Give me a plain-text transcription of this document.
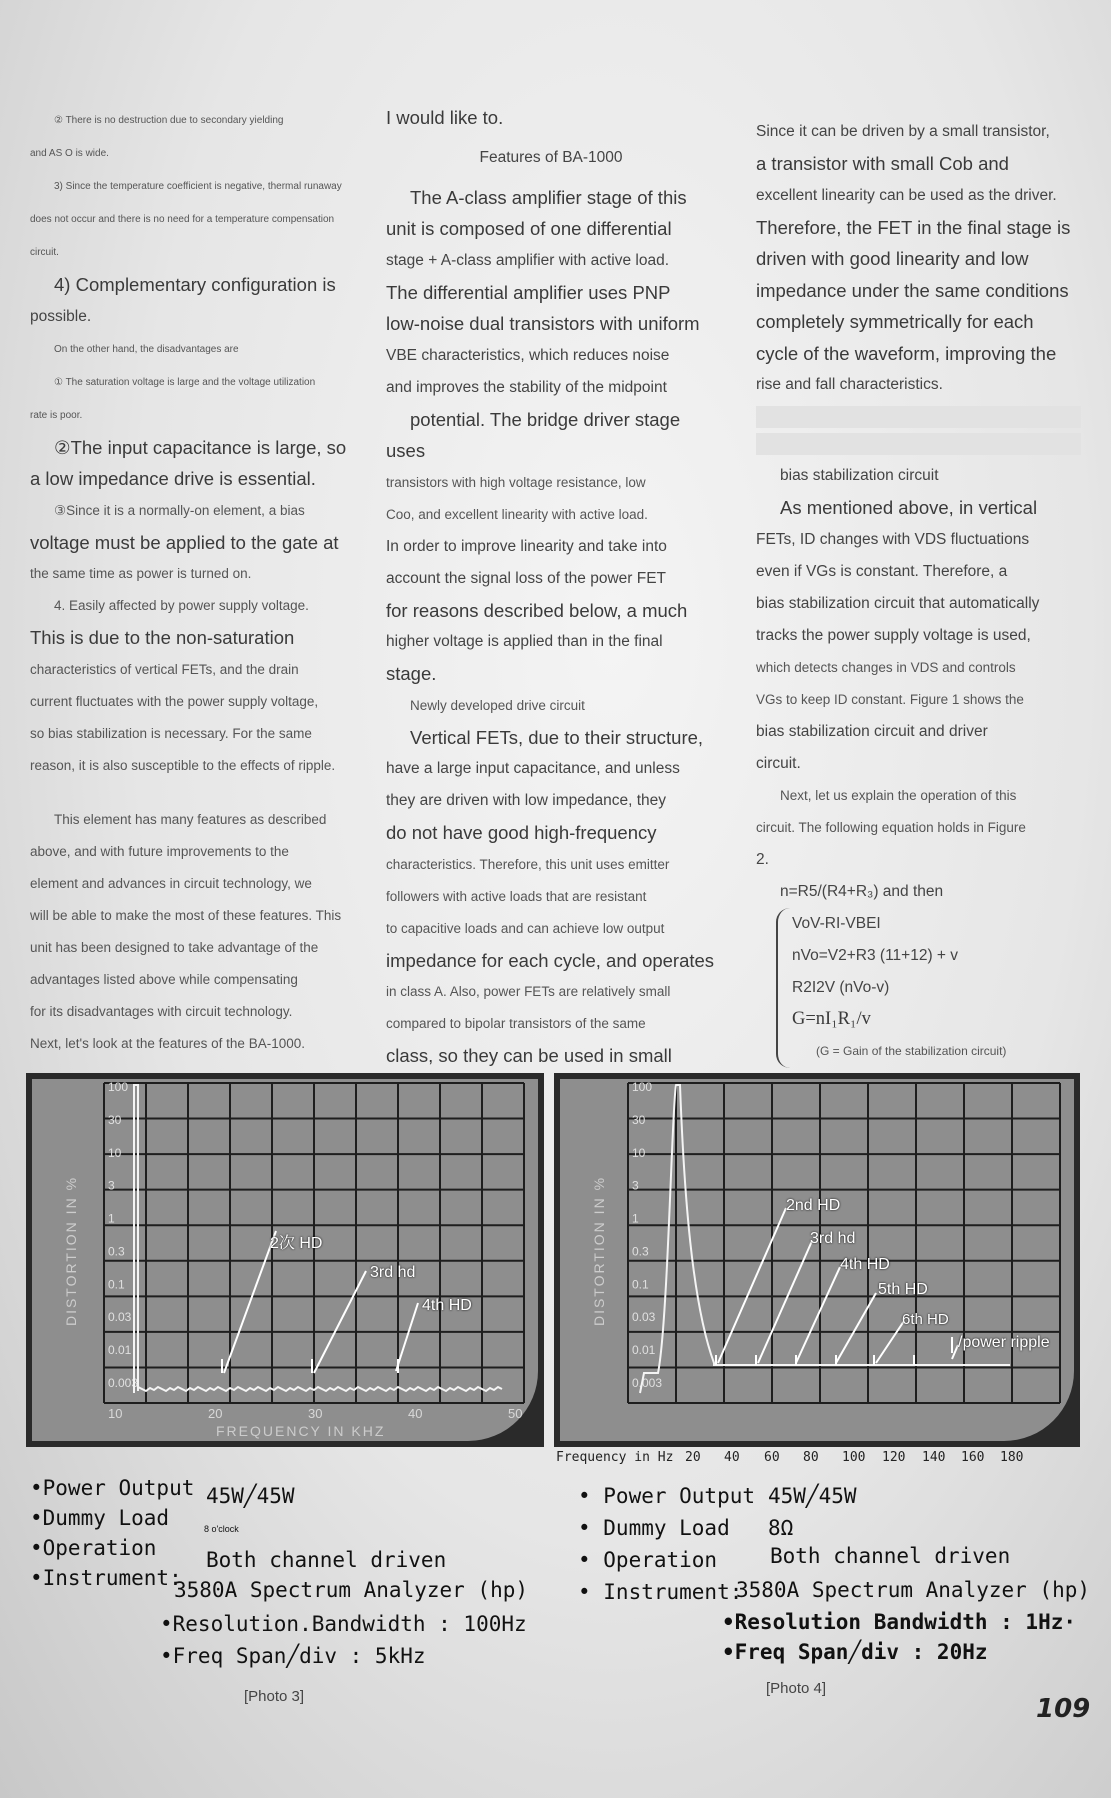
② There is no destruction due to secondary yielding

and AS O is wide.

3) Since the temperature coefficient is negative, thermal runaway

does not occur and there is no need for a temperature compensation

circuit.

4) Complementary configuration is

possible.

On the other hand, the disadvantages are

① The saturation voltage is large and the voltage utilization

rate is poor.

②The input capacitance is large, so

a low impedance drive is essential.

③Since it is a normally-on element, a bias

voltage must be applied to the gate at

the same time as power is turned on.

4. Easily affected by power supply voltage.

This is due to the non-saturation

characteristics of vertical FETs, and the drain

current fluctuates with the power supply voltage,

so bias stabilization is necessary. For the same

reason, it is also susceptible to the effects of ripple.

This element has many features as described

above, and with future improvements to the

element and advances in circuit technology, we

will be able to make the most of these features. This

unit has been designed to take advantage of the

advantages listed above while compensating

for its disadvantages with circuit technology.

Next, let's look at the features of the BA-1000.

I would like to.

Features of BA-1000

The A-class amplifier stage of this

unit is composed of one differential

stage + A-class amplifier with active load.

The differential amplifier uses PNP

low-noise dual transistors with uniform

VBE characteristics, which reduces noise

and improves the stability of the midpoint

potential. The bridge driver stage uses

transistors with high voltage resistance, low

Coo, and excellent linearity with active load.

In order to improve linearity and take into

account the signal loss of the power FET

for reasons described below, a much

higher voltage is applied than in the final

stage.

Newly developed drive circuit

Vertical FETs, due to their structure,

have a large input capacitance, and unless

they are driven with low impedance, they

do not have good high-frequency

characteristics. Therefore, this unit uses emitter

followers with active loads that are resistant

to capacitive loads and can achieve low output

impedance for each cycle, and operates

in class A. Also, power FETs are relatively small

compared to bipolar transistors of the same

class, so they can be used in small

Since it can be driven by a small transistor,

a transistor with small Cob and

excellent linearity can be used as the driver.

Therefore, the FET in the final stage is

driven with good linearity and low

impedance under the same conditions

completely symmetrically for each

cycle of the waveform, improving the

rise and fall characteristics.

bias stabilization circuit

As mentioned above, in vertical

FETs, ID changes with VDS fluctuations

even if VGs is constant. Therefore, a

bias stabilization circuit that automatically

tracks the power supply voltage is used,

which detects changes in VDS and controls

VGs to keep ID constant. Figure 1 shows the

bias stabilization circuit and driver

circuit.

Next, let us explain the operation of this

circuit. The following equation holds in Figure

2.

n=R5/(R4+R₃) and then

VoV-RI-VBEI

nVo=V2+R3 (11+12) + v

R2I2V (nVo-v)

G=nI₁R₁/v

(G = Gain of the stabilization circuit)

100
30
10
3
1
0.3
0.1
0.03
0.01
0.003
10	20	30	40	50
2次 HD
3rd hd
4th HD
DISTORTION IN %
FREQUENCY IN KHZ
100
30
10
3
1
0.3
0.1
0.03
0.01
0.003
2nd HD
3rd hd
4th HD
5th HD
6th HD
/power ripple
DISTORTION IN %
Frequency in Hz 20 40 60 80 100 120 140 160 180
•Power Output 45W╱45W
•Dummy Load	8 o'clock
•Operation Both channel driven
•Instrument:
3580A Spectrum Analyzer (hp)
•Resolution.Bandwidth : 100Hz
•Freq Span╱div : 5kHz
[Photo 3]
• Power Output 45W╱45W
• Dummy Load 8Ω
• Operation	Both channel driven
• Instrument:
3580A Spectrum Analyzer (hp)
•Resolution Bandwidth : 1Hz·
•Freq Span╱div : 20Hz
[Photo 4]
109
